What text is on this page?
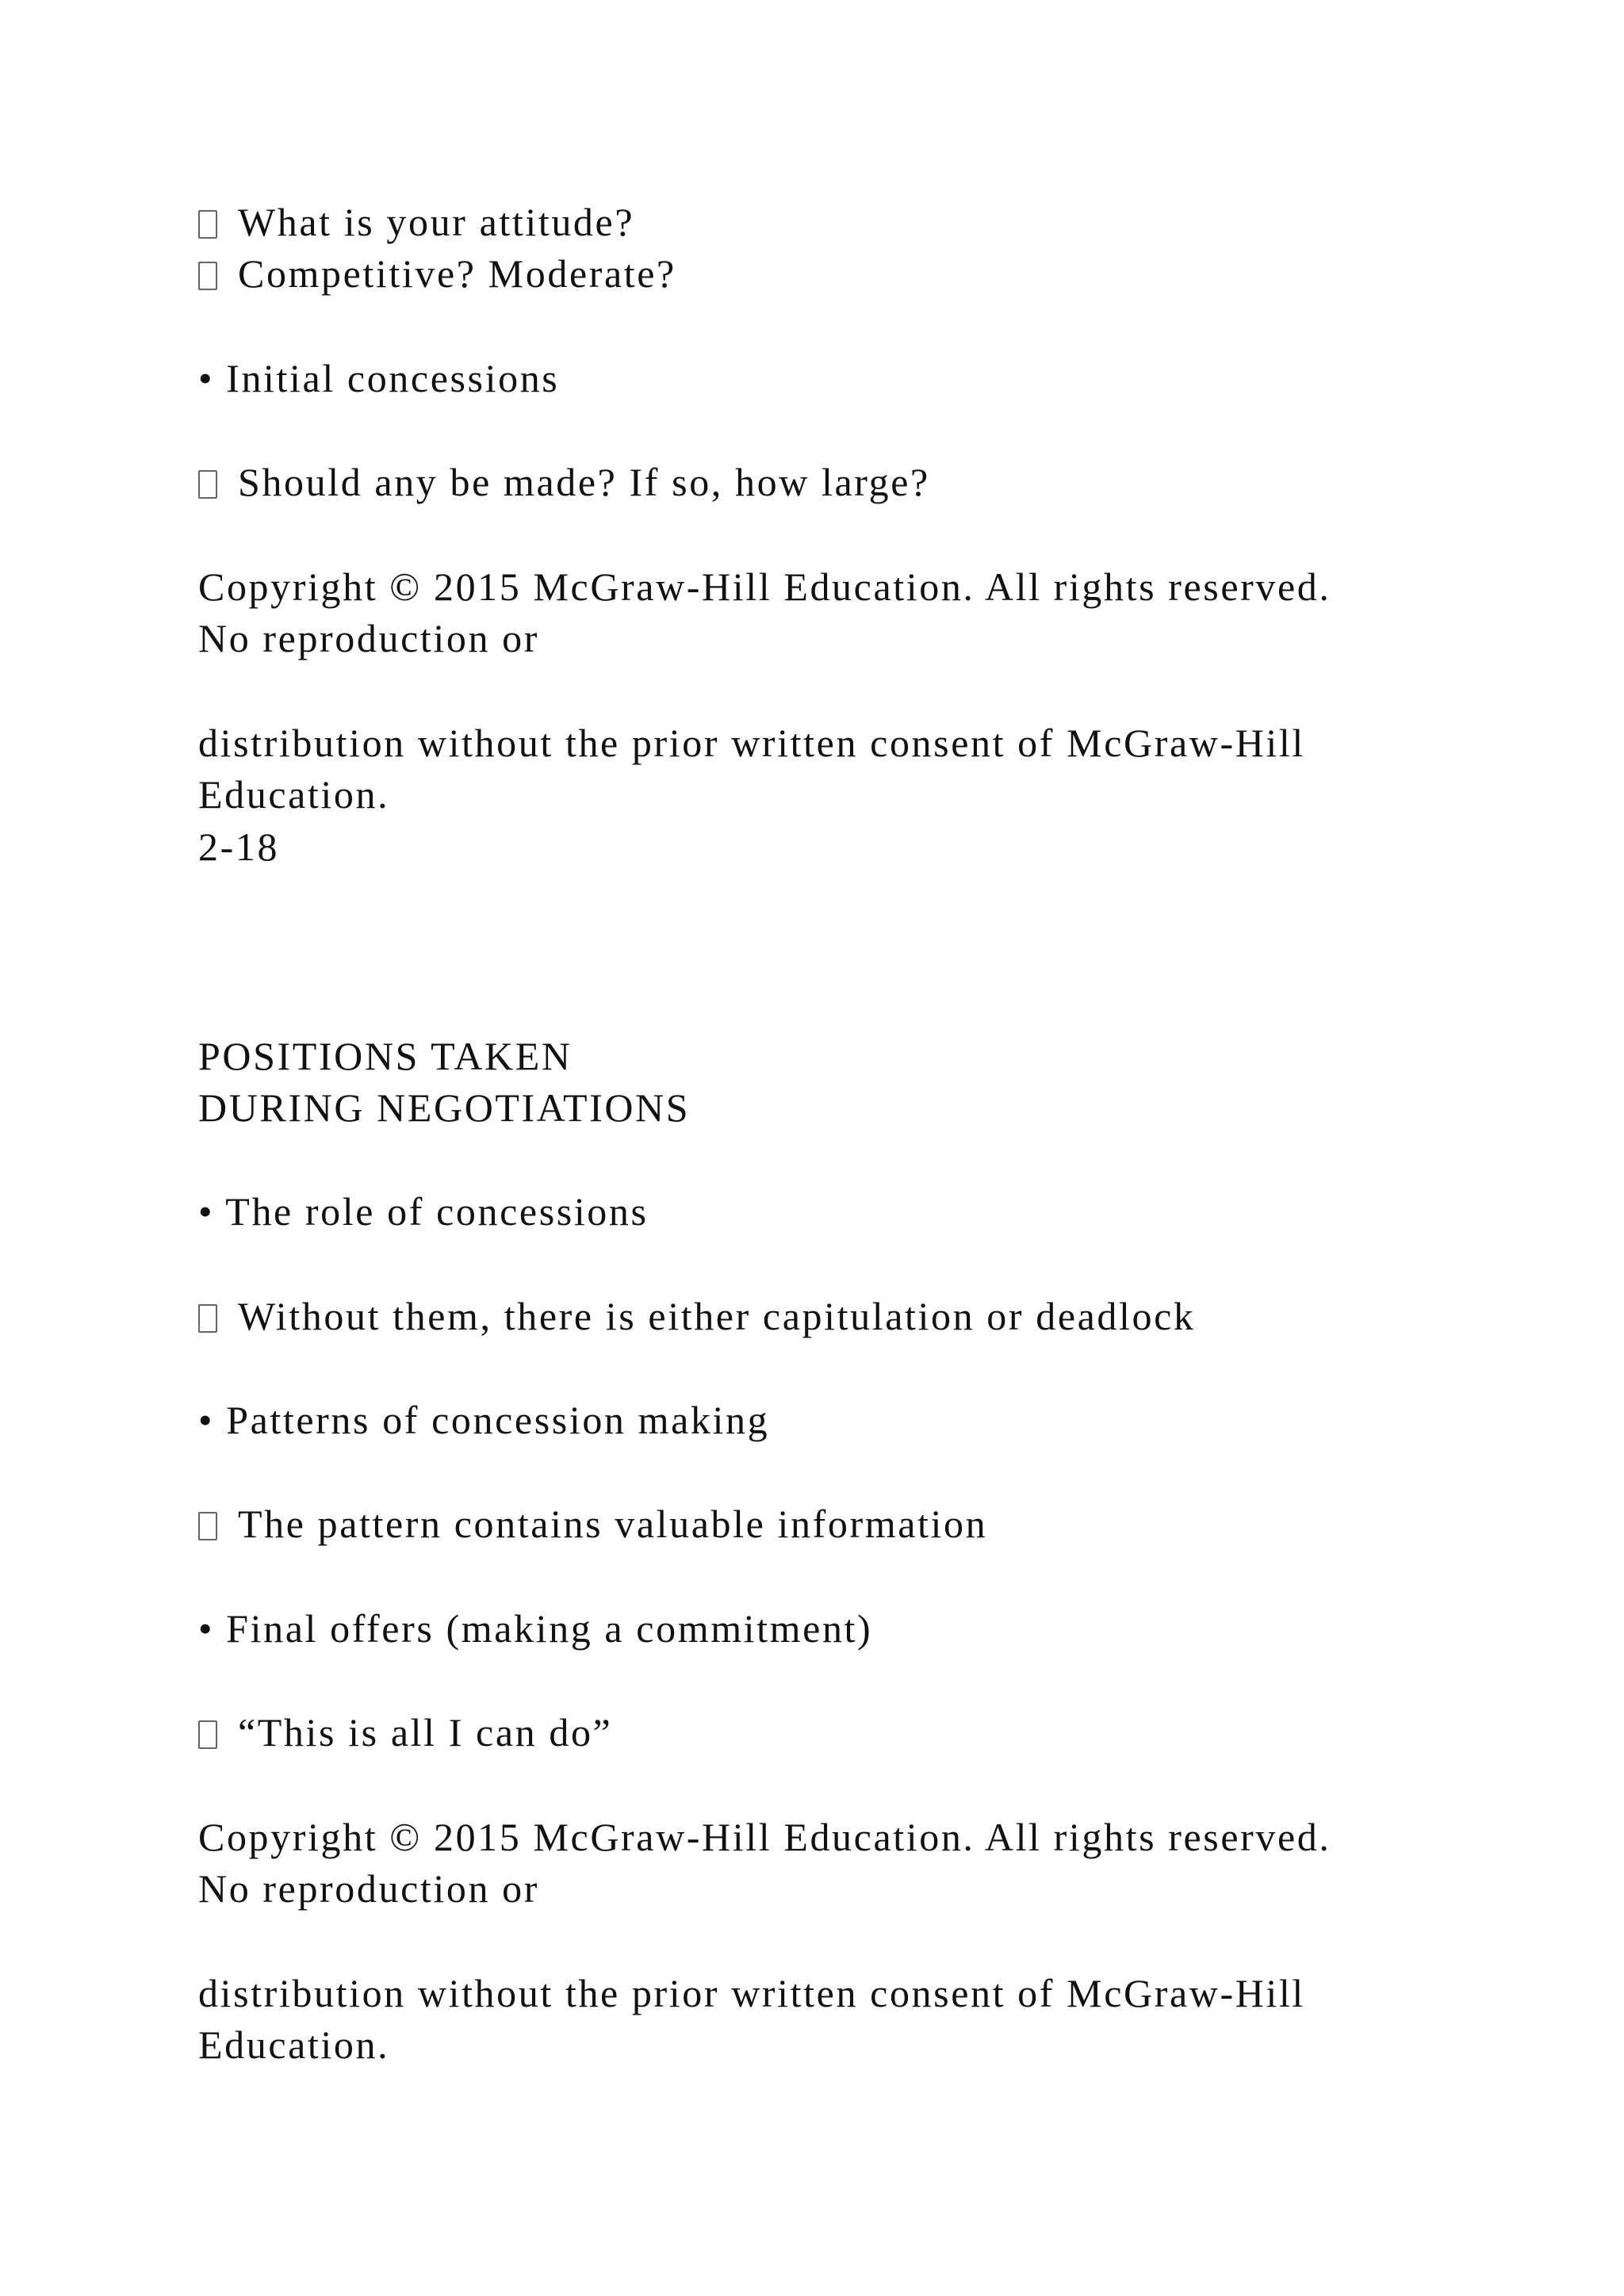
What is your attitude?
Competitive? Moderate?
• Initial concessions
Should any be made? If so, how large?
Copyright © 2015 McGraw-Hill Education. All rights reserved.
No reproduction or
distribution without the prior written consent of McGraw-Hill
Education.
2-18
POSITIONS TAKEN
DURING NEGOTIATIONS
• The role of concessions
Without them, there is either capitulation or deadlock
• Patterns of concession making
The pattern contains valuable information
• Final offers (making a commitment)
“This is all I can do”
Copyright © 2015 McGraw-Hill Education. All rights reserved.
No reproduction or
distribution without the prior written consent of McGraw-Hill
Education.
